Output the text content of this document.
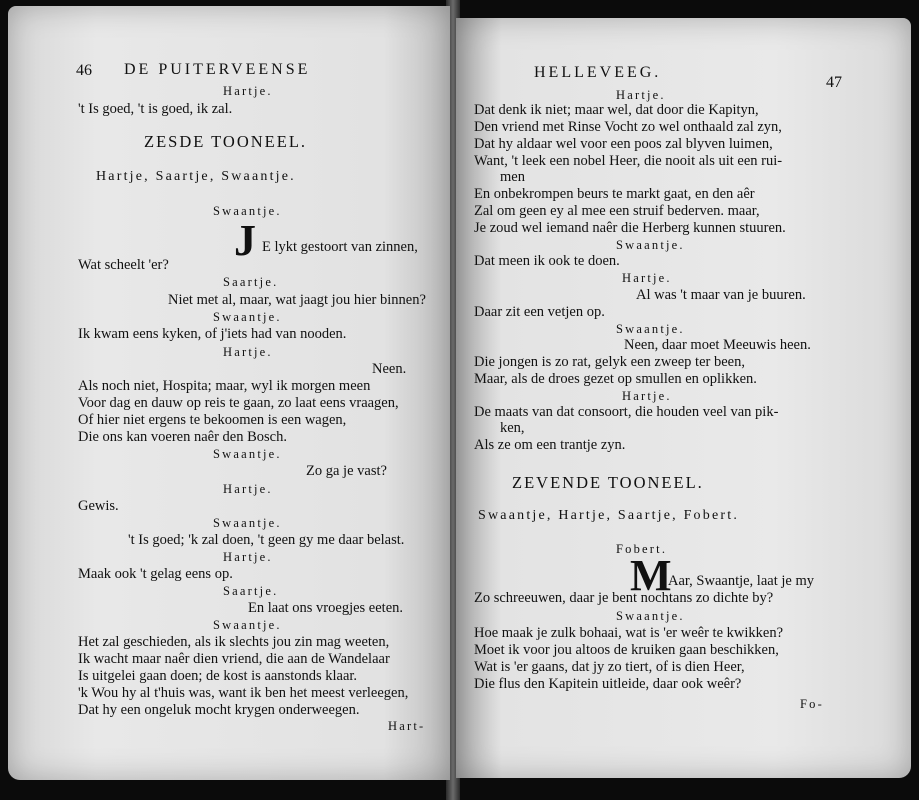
46 DE PUITERVEENSE
Hartje.
't Is goed, 't is goed, ik zal.
ZESDE TOONEEL.
Hartje, Saartje, Swaantje.
Swaantje.
J E lykt gestoort van zinnen,
Wat scheelt 'er?
Saartje.
Niet met al, maar, wat jaagt jou hier binnen?
Swaantje.
Ik kwam eens kyken, of j'iets had van nooden.
Hartje.
Neen.
Als noch niet, Hospita; maar, wyl ik morgen meen
Voor dag en dauw op reis te gaan, zo laat eens vraagen,
Of hier niet ergens te bekoomen is een wagen,
Die ons kan voeren naêr den Bosch.
Swaantje.
Zo ga je vast?
Hartje.
Gewis.
Swaantje.
't Is goed; 'k zal doen, 't geen gy me daar belast.
Hartje.
Maak ook 't gelag eens op.
Saartje.
En laat ons vroegjes eeten.
Swaantje.
Het zal geschieden, als ik slechts jou zin mag weeten,
Ik wacht maar naêr dien vriend, die aan de Wandelaar
Is uitgelei gaan doen; de kost is aanstonds klaar.
'k Wou hy al t'huis was, want ik ben het meest verleegen,
Dat hy een ongeluk mocht krygen onderweegen.
Hart-
HELLEVEEG.
47
Hartje.
Dat denk ik niet; maar wel, dat door die Kapityn,
Den vriend met Rinse Vocht zo wel onthaald zal zyn,
Dat hy aldaar wel voor een poos zal blyven luimen,
Want, 't leek een nobel Heer, die nooit als uit een rui-
men
En onbekrompen beurs te markt gaat, en den aêr
Zal om geen ey al mee een struif bederven. maar,
Je zoud wel iemand naêr die Herberg kunnen stuuren.
Swaantje.
Dat meen ik ook te doen.
Hartje.
Al was 't maar van je buuren.
Daar zit een vetjen op.
Swaantje.
Neen, daar moet Meeuwis heen.
Die jongen is zo rat, gelyk een zweep ter been,
Maar, als de droes gezet op smullen en oplikken.
Hartje.
De maats van dat consoort, die houden veel van pik-
ken,
Als ze om een trantje zyn.
ZEVENDE TOONEEL.
Swaantje, Hartje, Saartje, Fobert.
Fobert.
M
Aar, Swaantje, laat je my
Zo schreeuwen, daar je bent nochtans zo dichte by?
Swaantje.
Hoe maak je zulk bohaai, wat is 'er weêr te kwikken?
Moet ik voor jou altoos de kruiken gaan beschikken,
Wat is 'er gaans, dat jy zo tiert, of is dien Heer,
Die flus den Kapitein uitleide, daar ook weêr?
Fo-
